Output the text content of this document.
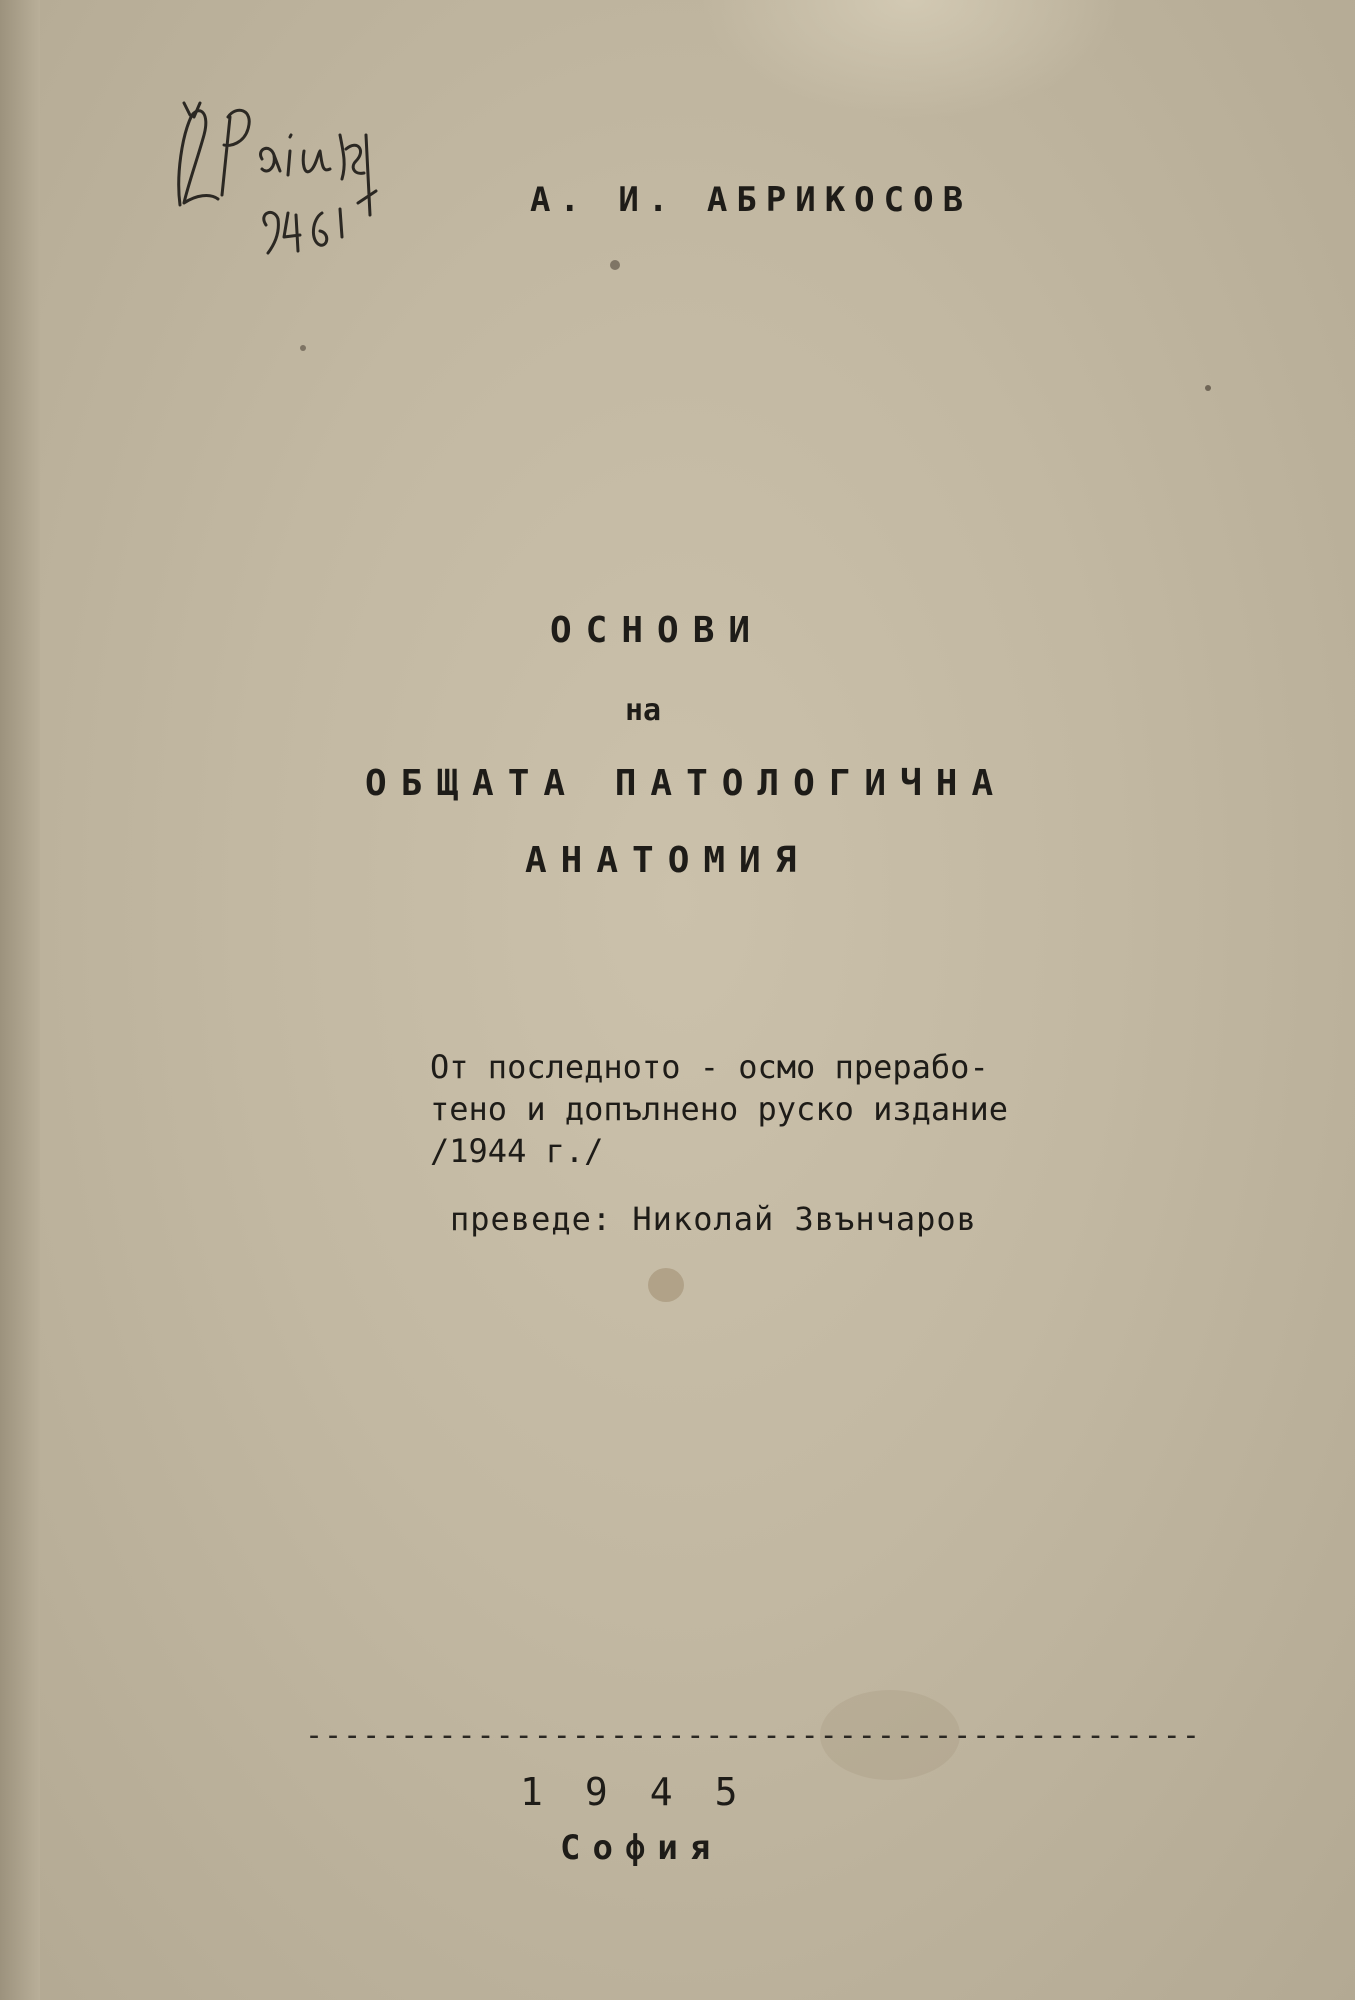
А. И. АБРИКОСОВ
ОСНОВИ
на
ОБЩАТА ПАТОЛОГИЧНА
АНАТОМИЯ
От последното - осмо прерабо-
тено и допълнено руско издание
/1944 г./
преведе: Николай Звънчаров
-----------------------------------------------
1945
София
